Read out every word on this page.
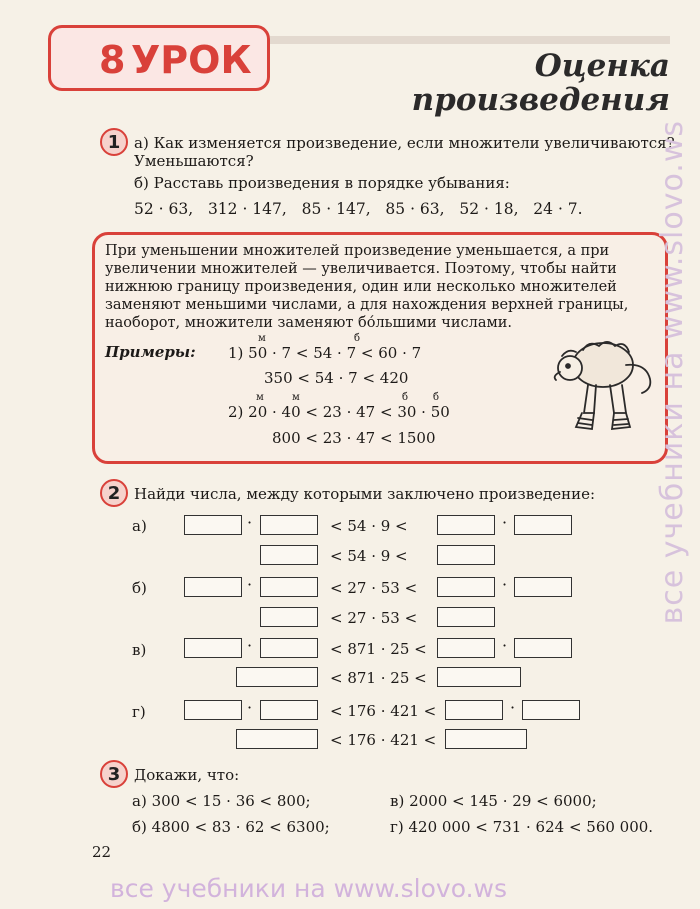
8 УРОК	Оценка
произведения
1 а) Как изменяется произведение, если множители увеличиваются?
Уменьшаются?
б) Расставь произведения в порядке убывания:
52 · 63, 312 · 147, 85 · 147, 85 · 63, 52 · 18, 24 · 7.
При уменьшении множителей произведение уменьшается, а при
увеличении множителей — увеличивается. Поэтому, чтобы найти
нижнюю границу произведения, один или несколько множителей
заменяют меньшими числами, а для нахождения верхней границы,
наоборот, множители заменяют бо́льшими числами.
Примеры:
м	б
1) 50 · 7 < 54 · 7 < 60 · 7
350 < 54 · 7 < 420
м	м	б б
2) 20 · 40 < 23 · 47 < 30 · 50
800 < 23 · 47 < 1500
2 Найди числа, между которыми заключено произведение:
а)	·	< 54 · 9 <	·
< 54 · 9 <
б)	·	< 27 · 53 <	·
< 27 · 53 <
в)	·	< 871 · 25 <	·
< 871 · 25 <
г)	·	< 176 · 421 <	·
< 176 · 421 <
3 Докажи, что:
а) 300 < 15 · 36 < 800;	в) 2000 < 145 · 29 < 6000;
б) 4800 < 83 · 62 < 6300;	г) 420 000 < 731 · 624 < 560 000.
22
все учебники на www.slovo.ws
все учебники на www.slovo.ws
